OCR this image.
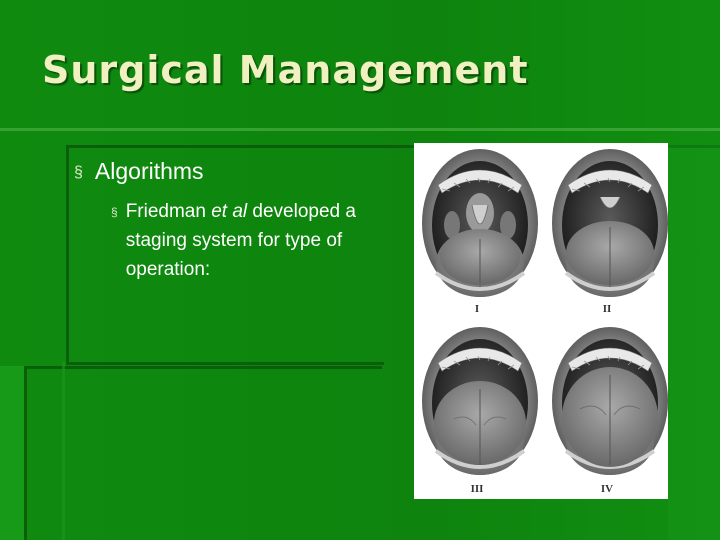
Surgical Management
§ Algorithms
§ Friedman et al developed a staging system for type of operation:
I	II
III	IV
